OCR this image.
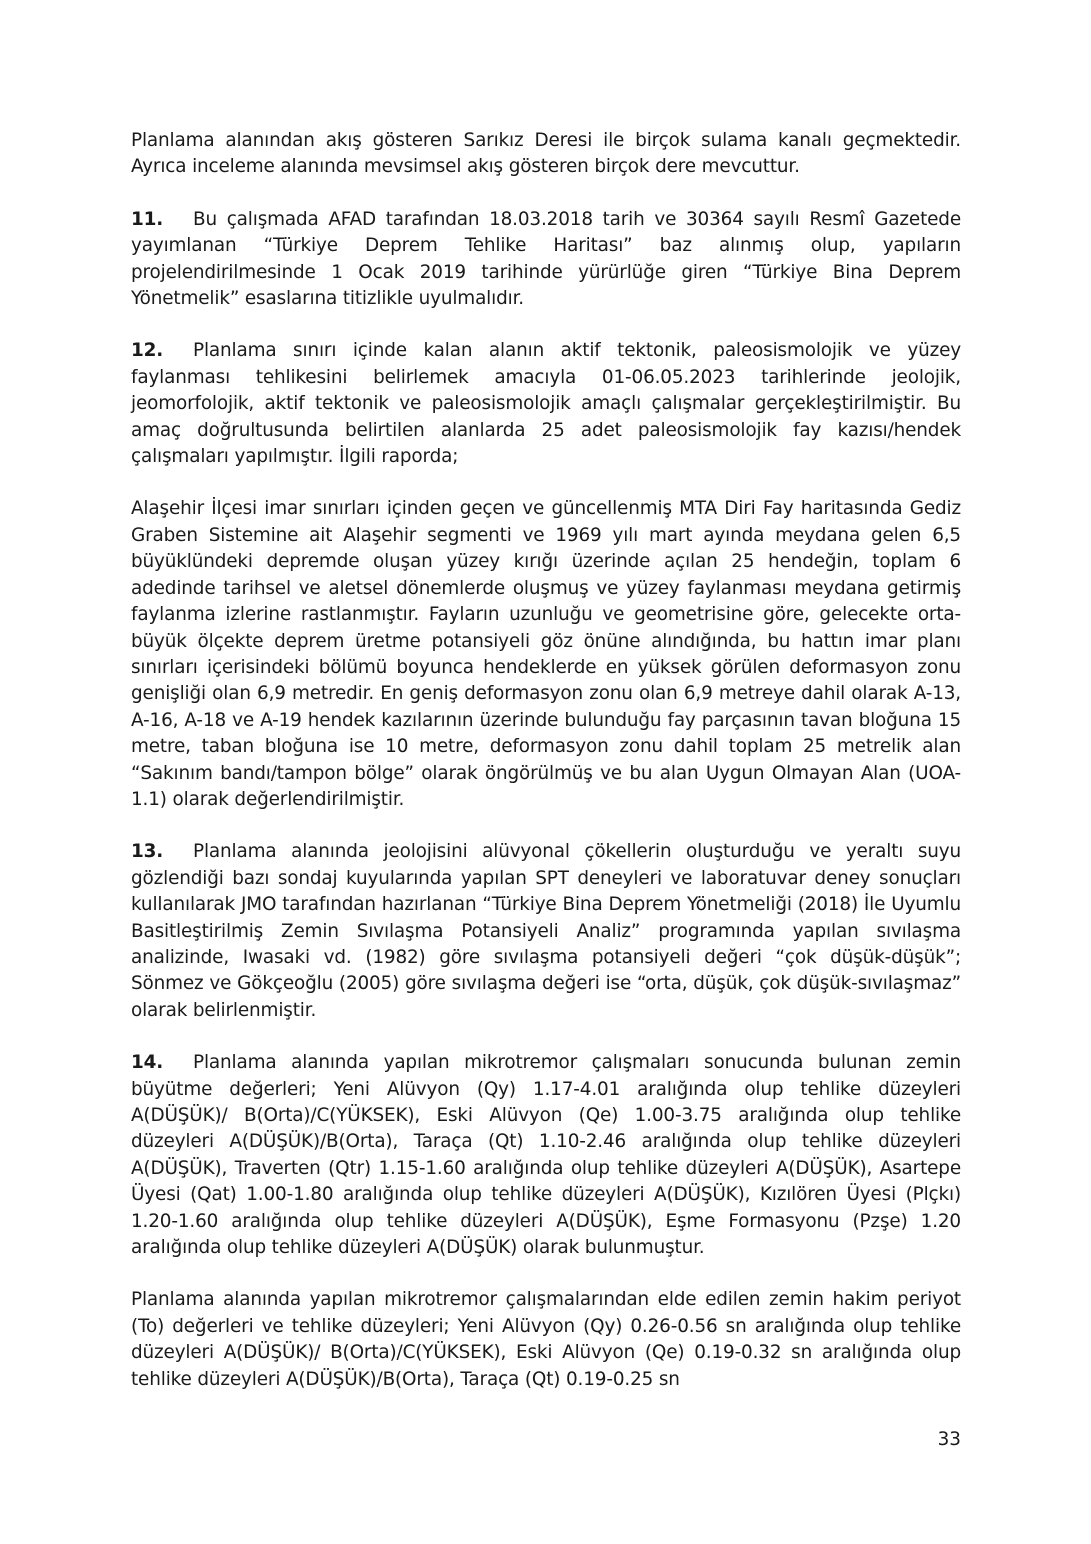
Planlama alanından akış gösteren Sarıkız Deresi ile birçok sulama kanalı geçmektedir. Ayrıca inceleme alanında mevsimsel akış gösteren birçok dere mevcuttur.

11. Bu çalışmada AFAD tarafından 18.03.2018 tarih ve 30364 sayılı Resmî Gazetede yayımlanan “Türkiye Deprem Tehlike Haritası” baz alınmış olup, yapıların projelendirilmesinde 1 Ocak 2019 tarihinde yürürlüğe giren “Türkiye Bina Deprem Yönetmelik” esaslarına titizlikle uyulmalıdır.

12. Planlama sınırı içinde kalan alanın aktif tektonik, paleosismolojik ve yüzey faylanması tehlikesini belirlemek amacıyla 01-06.05.2023 tarihlerinde jeolojik, jeomorfolojik, aktif tektonik ve paleosismolojik amaçlı çalışmalar gerçekleştirilmiştir. Bu amaç doğrultusunda belirtilen alanlarda 25 adet paleosismolojik fay kazısı/hendek çalışmaları yapılmıştır. İlgili raporda;

Alaşehir İlçesi imar sınırları içinden geçen ve güncellenmiş MTA Diri Fay haritasında Gediz Graben Sistemine ait Alaşehir segmenti ve 1969 yılı mart ayında meydana gelen 6,5 büyüklündeki depremde oluşan yüzey kırığı üzerinde açılan 25 hendeğin, toplam 6 adedinde tarihsel ve aletsel dönemlerde oluşmuş ve yüzey faylanması meydana getirmiş faylanma izlerine rastlanmıştır. Fayların uzunluğu ve geometrisine göre, gelecekte orta-büyük ölçekte deprem üretme potansiyeli göz önüne alındığında, bu hattın imar planı sınırları içerisindeki bölümü boyunca hendeklerde en yüksek görülen deformasyon zonu genişliği olan 6,9 metredir. En geniş deformasyon zonu olan 6,9 metreye dahil olarak A-13, A-16, A-18 ve A-19 hendek kazılarının üzerinde bulunduğu fay parçasının tavan bloğuna 15 metre, taban bloğuna ise 10 metre, deformasyon zonu dahil toplam 25 metrelik alan “Sakınım bandı/tampon bölge” olarak öngörülmüş ve bu alan Uygun Olmayan Alan (UOA-1.1) olarak değerlendirilmiştir.

13. Planlama alanında jeolojisini alüvyonal çökellerin oluşturduğu ve yeraltı suyu gözlendiği bazı sondaj kuyularında yapılan SPT deneyleri ve laboratuvar deney sonuçları kullanılarak JMO tarafından hazırlanan “Türkiye Bina Deprem Yönetmeliği (2018) İle Uyumlu Basitleştirilmiş Zemin Sıvılaşma Potansiyeli Analiz” programında yapılan sıvılaşma analizinde, Iwasaki vd. (1982) göre sıvılaşma potansiyeli değeri “çok düşük-düşük”; Sönmez ve Gökçeoğlu (2005) göre sıvılaşma değeri ise “orta, düşük, çok düşük-sıvılaşmaz” olarak belirlenmiştir.

14. Planlama alanında yapılan mikrotremor çalışmaları sonucunda bulunan zemin büyütme değerleri; Yeni Alüvyon (Qy) 1.17-4.01 aralığında olup tehlike düzeyleri A(DÜŞÜK)/ B(Orta)/C(YÜKSEK), Eski Alüvyon (Qe) 1.00-3.75 aralığında olup tehlike düzeyleri A(DÜŞÜK)/B(Orta), Taraça (Qt) 1.10-2.46 aralığında olup tehlike düzeyleri A(DÜŞÜK), Traverten (Qtr) 1.15-1.60 aralığında olup tehlike düzeyleri A(DÜŞÜK), Asartepe Üyesi (Qat) 1.00-1.80 aralığında olup tehlike düzeyleri A(DÜŞÜK), Kızılören Üyesi (Plçkı) 1.20-1.60 aralığında olup tehlike düzeyleri A(DÜŞÜK), Eşme Formasyonu (Pzşe) 1.20 aralığında olup tehlike düzeyleri A(DÜŞÜK) olarak bulunmuştur.

Planlama alanında yapılan mikrotremor çalışmalarından elde edilen zemin hakim periyot (To) değerleri ve tehlike düzeyleri; Yeni Alüvyon (Qy) 0.26-0.56 sn aralığında olup tehlike düzeyleri A(DÜŞÜK)/ B(Orta)/C(YÜKSEK), Eski Alüvyon (Qe) 0.19-0.32 sn aralığında olup tehlike düzeyleri A(DÜŞÜK)/B(Orta), Taraça (Qt) 0.19-0.25 sn

33
